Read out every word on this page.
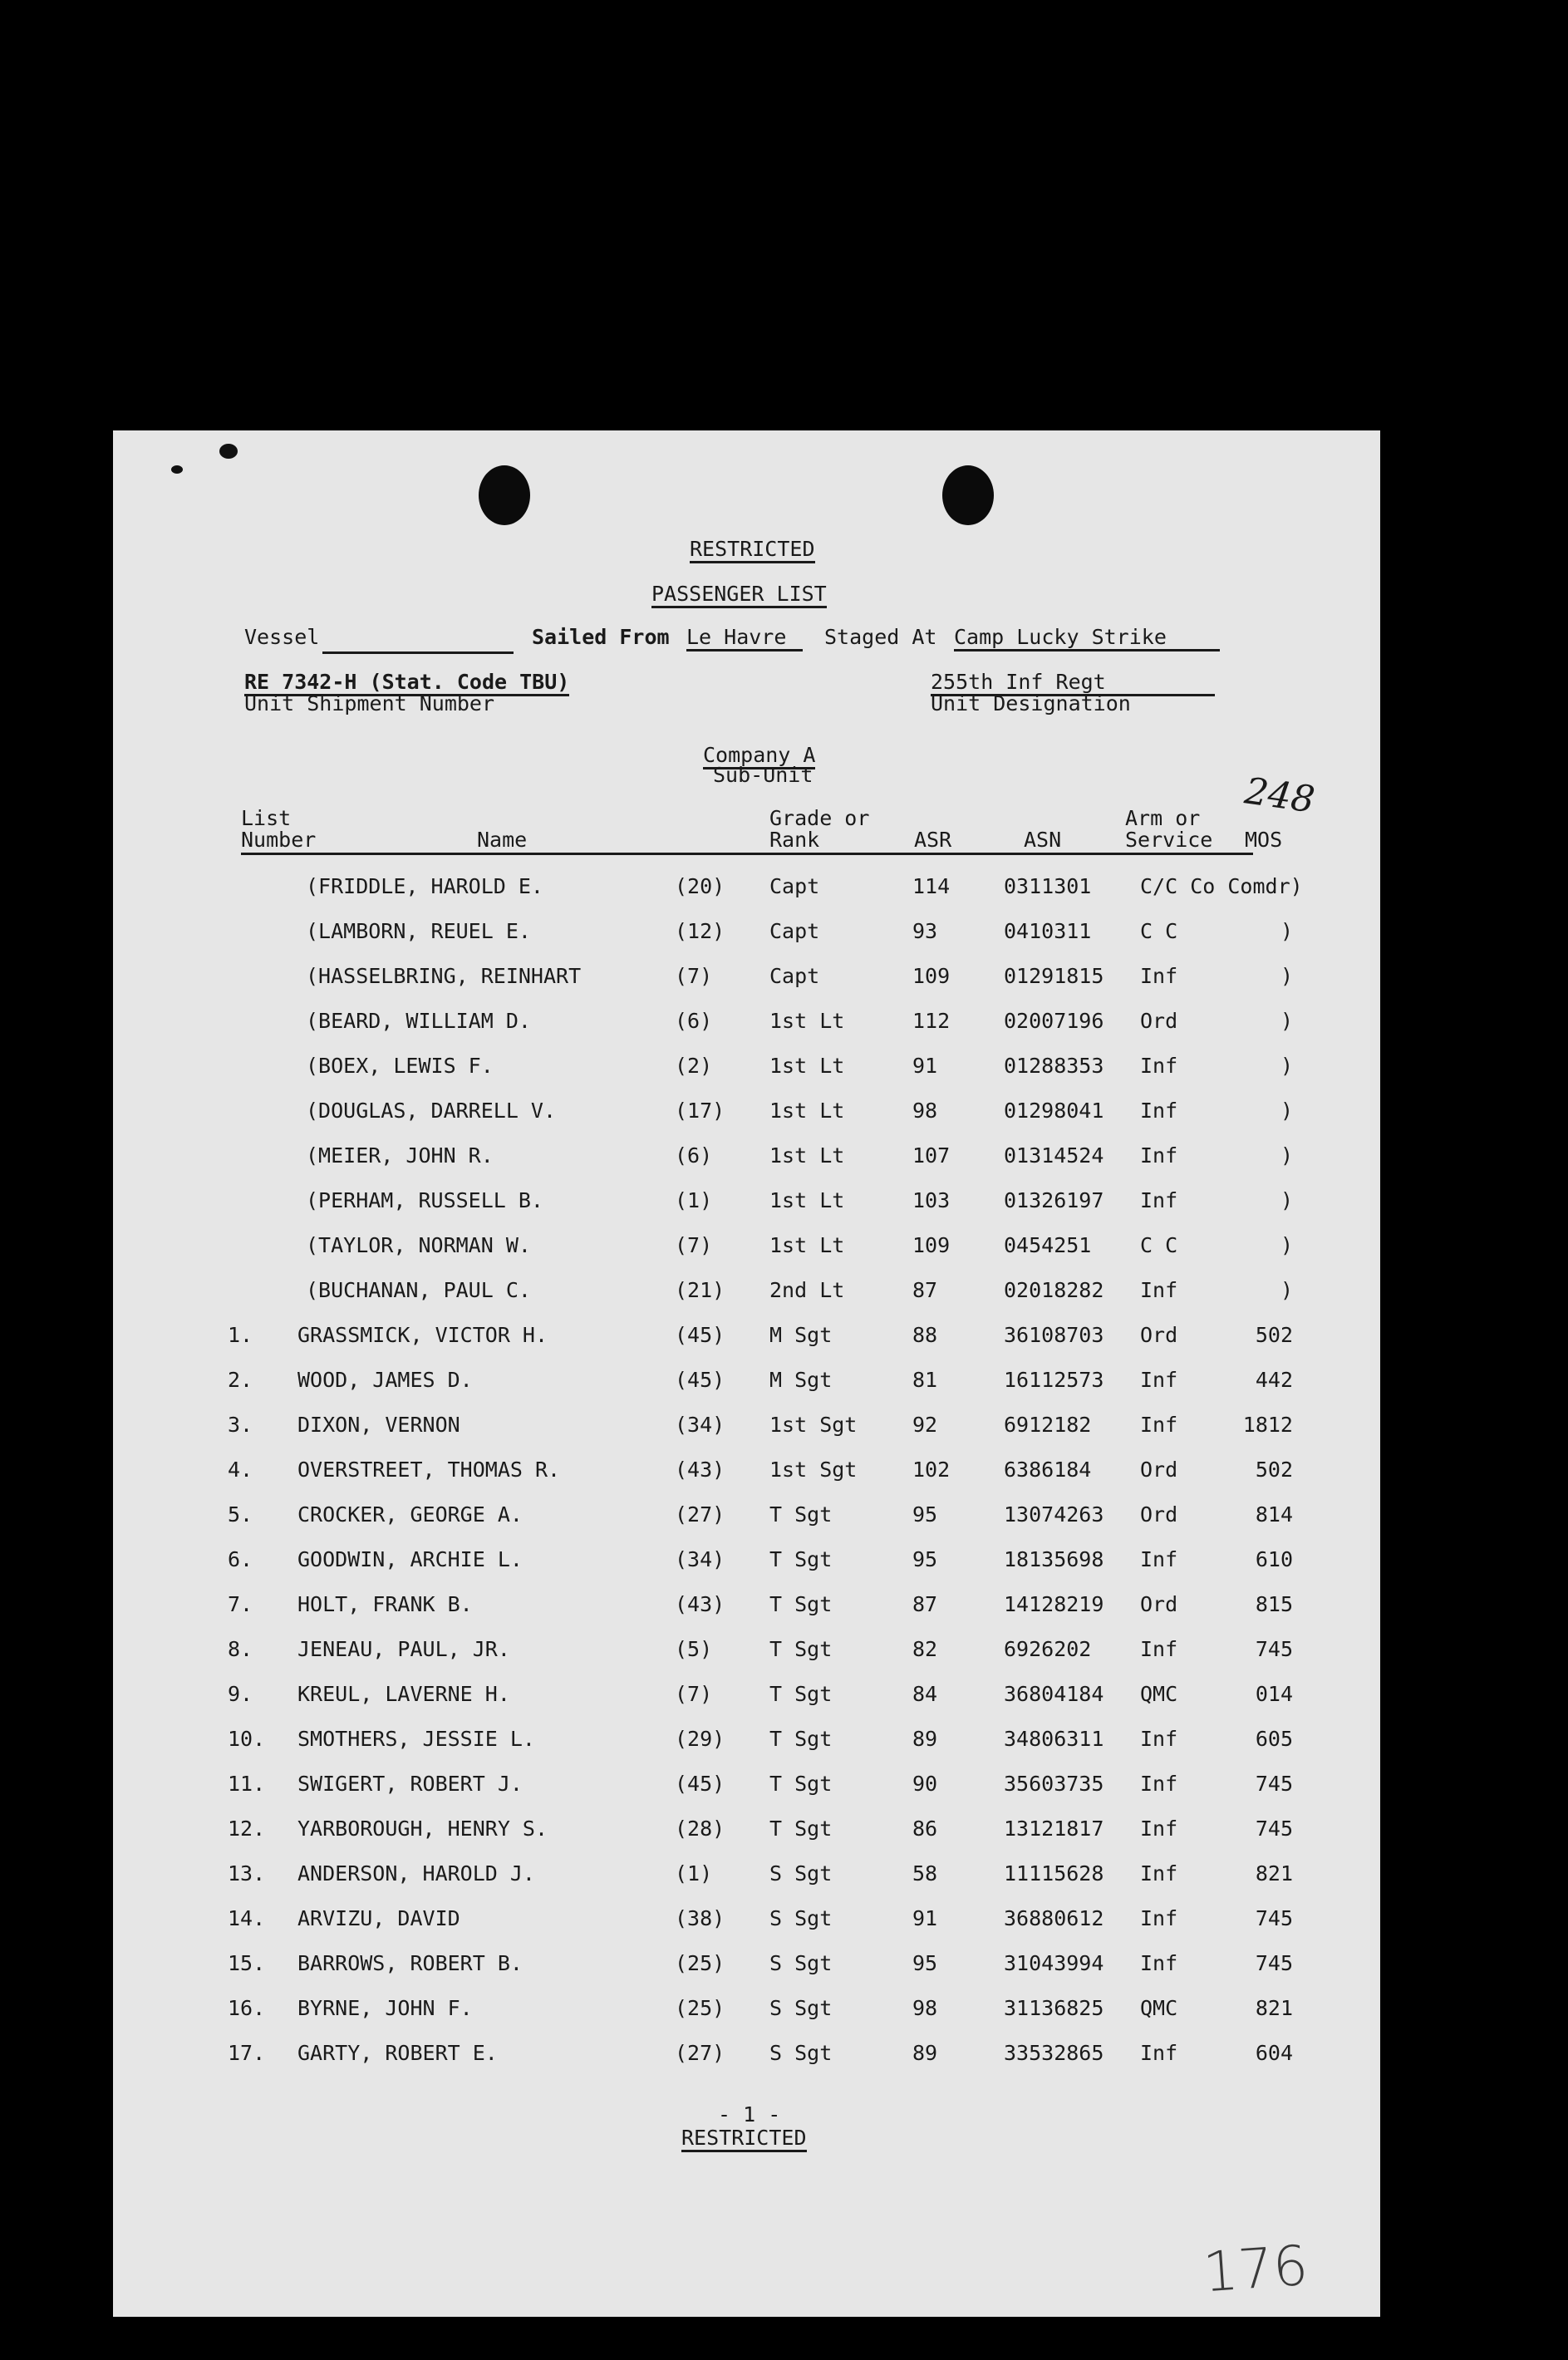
RESTRICTED
PASSENGER LIST
Vessel	Sailed From Le Havre	Staged At Camp Lucky Strike
RE 7342-H (Stat. Code TBU)
Unit Shipment Number
255th Inf Regt
Unit Designation
Company A
Sub-Unit	248
List
Number	Name
Grade or
Rank	ASR	ASN
Arm or
Service MOS
(FRIDDLE, HAROLD E.	(20) Capt	114	0311301 C/C Co Comdr)
(LAMBORN, REUEL E.	(12) Capt	93	0410311 C C	)
(HASSELBRING, REINHART	(7)	Capt	109	01291815 Inf	)
(BEARD, WILLIAM D.	(6)	1st Lt	112	02007196 Ord	)
(BOEX, LEWIS F.	(2)	1st Lt	91	01288353 Inf	)
(DOUGLAS, DARRELL V.	(17) 1st Lt	98	01298041 Inf	)
(MEIER, JOHN R.	(6)	1st Lt	107	01314524 Inf	)
(PERHAM, RUSSELL B.	(1)	1st Lt	103	01326197 Inf	)
(TAYLOR, NORMAN W.	(7)	1st Lt	109	0454251 C C	)
(BUCHANAN, PAUL C.	(21) 2nd Lt	87	02018282 Inf	)
1. GRASSMICK, VICTOR H.	(45) M Sgt	88	36108703 Ord	502
2. WOOD, JAMES D.	(45) M Sgt	81	16112573 Inf	442
3. DIXON, VERNON	(34) 1st Sgt	92	6912182 Inf	1812
4. OVERSTREET, THOMAS R.	(43) 1st Sgt	102	6386184 Ord	502
5. CROCKER, GEORGE A.	(27) T Sgt	95	13074263 Ord	814
6. GOODWIN, ARCHIE L.	(34) T Sgt	95	18135698 Inf	610
7. HOLT, FRANK B.	(43) T Sgt	87	14128219 Ord	815
8. JENEAU, PAUL, JR.	(5)	T Sgt	82	6926202 Inf	745
9. KREUL, LAVERNE H.	(7)	T Sgt	84	36804184 QMC	014
10. SMOTHERS, JESSIE L.	(29) T Sgt	89	34806311 Inf	605
11. SWIGERT, ROBERT J.	(45) T Sgt	90	35603735 Inf	745
12. YARBOROUGH, HENRY S.	(28) T Sgt	86	13121817 Inf	745
13. ANDERSON, HAROLD J.	(1)	S Sgt	58	11115628 Inf	821
14. ARVIZU, DAVID	(38) S Sgt	91	36880612 Inf	745
15. BARROWS, ROBERT B.	(25) S Sgt	95	31043994 Inf	745
16. BYRNE, JOHN F.	(25) S Sgt	98	31136825 QMC	821
17. GARTY, ROBERT E.	(27) S Sgt	89	33532865 Inf	604
- 1 -
RESTRICTED
176
